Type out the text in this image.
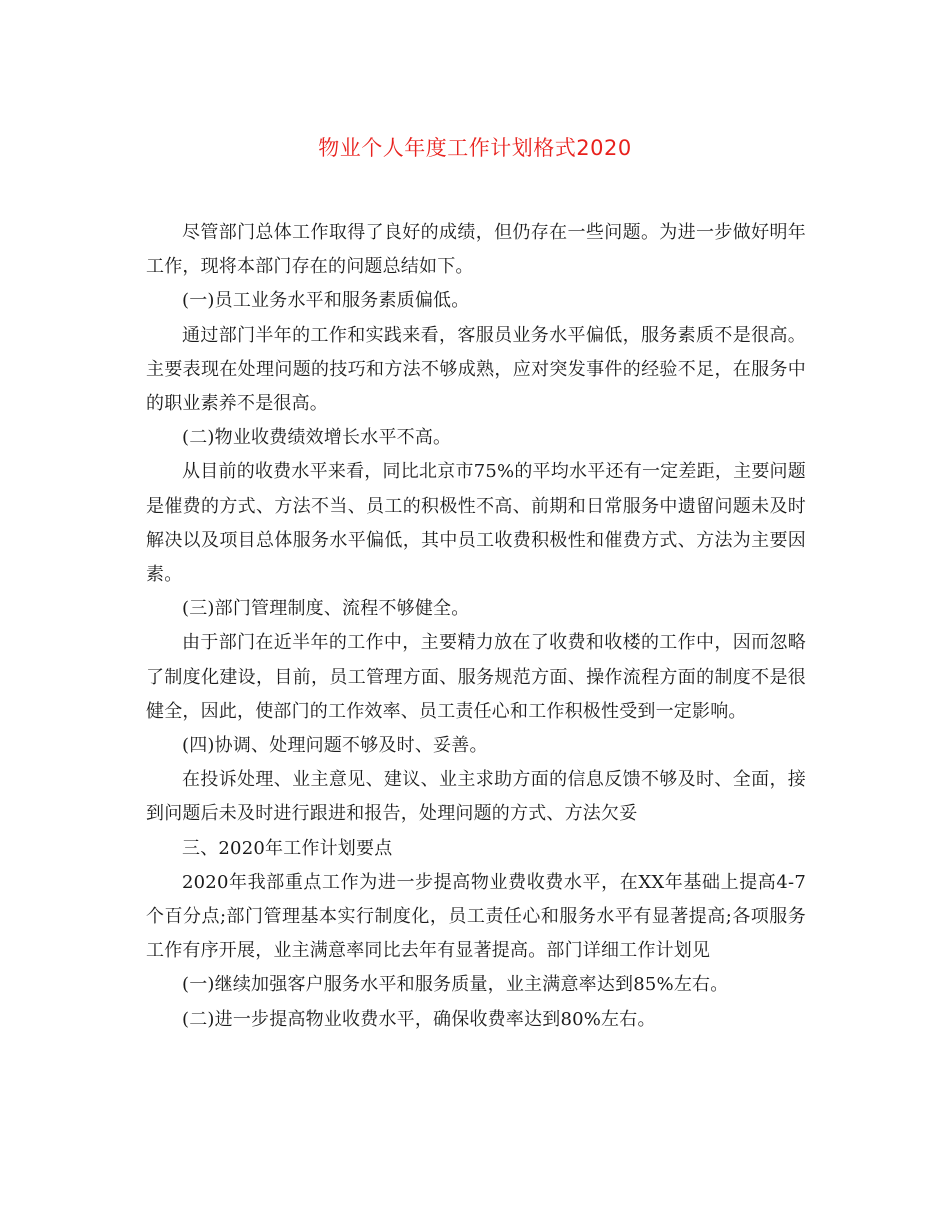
物业个人年度工作计划格式2020

尽管部门总体工作取得了良好的成绩，但仍存在一些问题。为进一步做好明年工作，现将本部门存在的问题总结如下。

(一)员工业务水平和服务素质偏低。

通过部门半年的工作和实践来看，客服员业务水平偏低，服务素质不是很高。主要表现在处理问题的技巧和方法不够成熟，应对突发事件的经验不足，在服务中的职业素养不是很高。

(二)物业收费绩效增长水平不高。

从目前的收费水平来看，同比北京市75%的平均水平还有一定差距，主要问题是催费的方式、方法不当、员工的积极性不高、前期和日常服务中遗留问题未及时解决以及项目总体服务水平偏低，其中员工收费积极性和催费方式、方法为主要因素。

(三)部门管理制度、流程不够健全。

由于部门在近半年的工作中，主要精力放在了收费和收楼的工作中，因而忽略了制度化建设，目前，员工管理方面、服务规范方面、操作流程方面的制度不是很健全，因此，使部门的工作效率、员工责任心和工作积极性受到一定影响。

(四)协调、处理问题不够及时、妥善。

在投诉处理、业主意见、建议、业主求助方面的信息反馈不够及时、全面，接到问题后未及时进行跟进和报告，处理问题的方式、方法欠妥

三、2020年工作计划要点

2020年我部重点工作为进一步提高物业费收费水平，在XX年基础上提高4-7个百分点;部门管理基本实行制度化，员工责任心和服务水平有显著提高;各项服务工作有序开展，业主满意率同比去年有显著提高。部门详细工作计划见

(一)继续加强客户服务水平和服务质量，业主满意率达到85%左右。

(二)进一步提高物业收费水平，确保收费率达到80%左右。
